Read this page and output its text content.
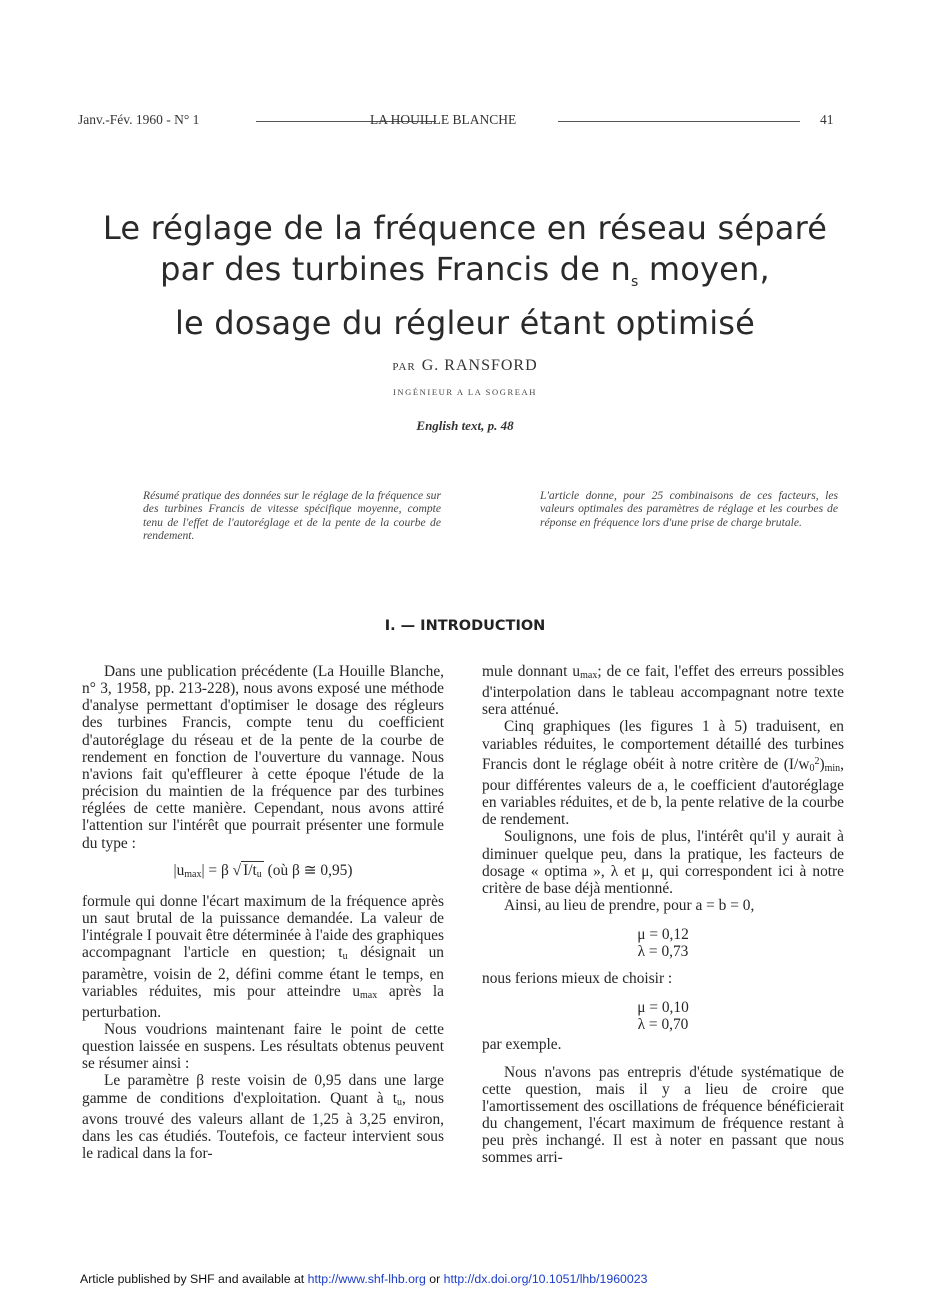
Janv.-Fév. 1960 - N° 1	LA HOUILLE BLANCHE	41
Le réglage de la fréquence en réseau séparé
par des turbines Francis de ns moyen,
le dosage du régleur étant optimisé
PAR G. RANSFORD
INGÉNIEUR A LA SOGREAH
English text, p. 48
Résumé pratique des données sur le réglage de la fréquence sur des turbines Francis de vitesse spécifique moyenne, compte tenu de l'effet de l'autoréglage et de la pente de la courbe de rendement.
L'article donne, pour 25 combinaisons de ces facteurs, les valeurs optimales des paramètres de réglage et les courbes de réponse en fréquence lors d'une prise de charge brutale.
I. — INTRODUCTION

Dans une publication précédente (La Houille Blanche, n° 3, 1958, pp. 213-228), nous avons exposé une méthode d'analyse permettant d'optimiser le dosage des régleurs des turbines Francis, compte tenu du coefficient d'autoréglage du réseau et de la pente de la courbe de rendement en fonction de l'ouverture du vannage. Nous n'avions fait qu'effleurer à cette époque l'étude de la précision du maintien de la fréquence par des turbines réglées de cette manière. Cependant, nous avons attiré l'attention sur l'intérêt que pourrait présenter une formule du type :

$|u_{max}| = \beta$ √ $I/t_u$ (où β ≅ 0,95)

formule qui donne l'écart maximum de la fréquence après un saut brutal de la puissance demandée. La valeur de l'intégrale I pouvait être déterminée à l'aide des graphiques accompagnant l'article en question; $t_u$ désignait un paramètre, voisin de 2, défini comme étant le temps, en variables réduites, mis pour atteindre $u_{max}$ après la perturbation.

Nous voudrions maintenant faire le point de cette question laissée en suspens. Les résultats obtenus peuvent se résumer ainsi :

Le paramètre β reste voisin de 0,95 dans une large gamme de conditions d'exploitation. Quant à $t_u$, nous avons trouvé des valeurs allant de 1,25 à 3,25 environ, dans les cas étudiés. Toutefois, ce facteur intervient sous le radical dans la for-

mule donnant $u_{max}$; de ce fait, l'effet des erreurs possibles d'interpolation dans le tableau accompagnant notre texte sera atténué.

Cinq graphiques (les figures 1 à 5) traduisent, en variables réduites, le comportement détaillé des turbines Francis dont le réglage obéit à notre critère de $(I/w_0^2)_{min}$, pour différentes valeurs de a, le coefficient d'autoréglage en variables réduites, et de b, la pente relative de la courbe de rendement.

Soulignons, une fois de plus, l'intérêt qu'il y aurait à diminuer quelque peu, dans la pratique, les facteurs de dosage « optima », λ et μ, qui correspondent ici à notre critère de base déjà mentionné.

Ainsi, au lieu de prendre, pour a = b = 0,

μ = 0,12
λ = 0,73

nous ferions mieux de choisir :

μ = 0,10
λ = 0,70

par exemple.

Nous n'avons pas entrepris d'étude systématique de cette question, mais il y a lieu de croire que l'amortissement des oscillations de fréquence bénéficierait du changement, l'écart maximum de fréquence restant à peu près inchangé. Il est à noter en passant que nous sommes arri-

Article published by SHF and available at http://www.shf-lhb.org or http://dx.doi.org/10.1051/lhb/1960023
